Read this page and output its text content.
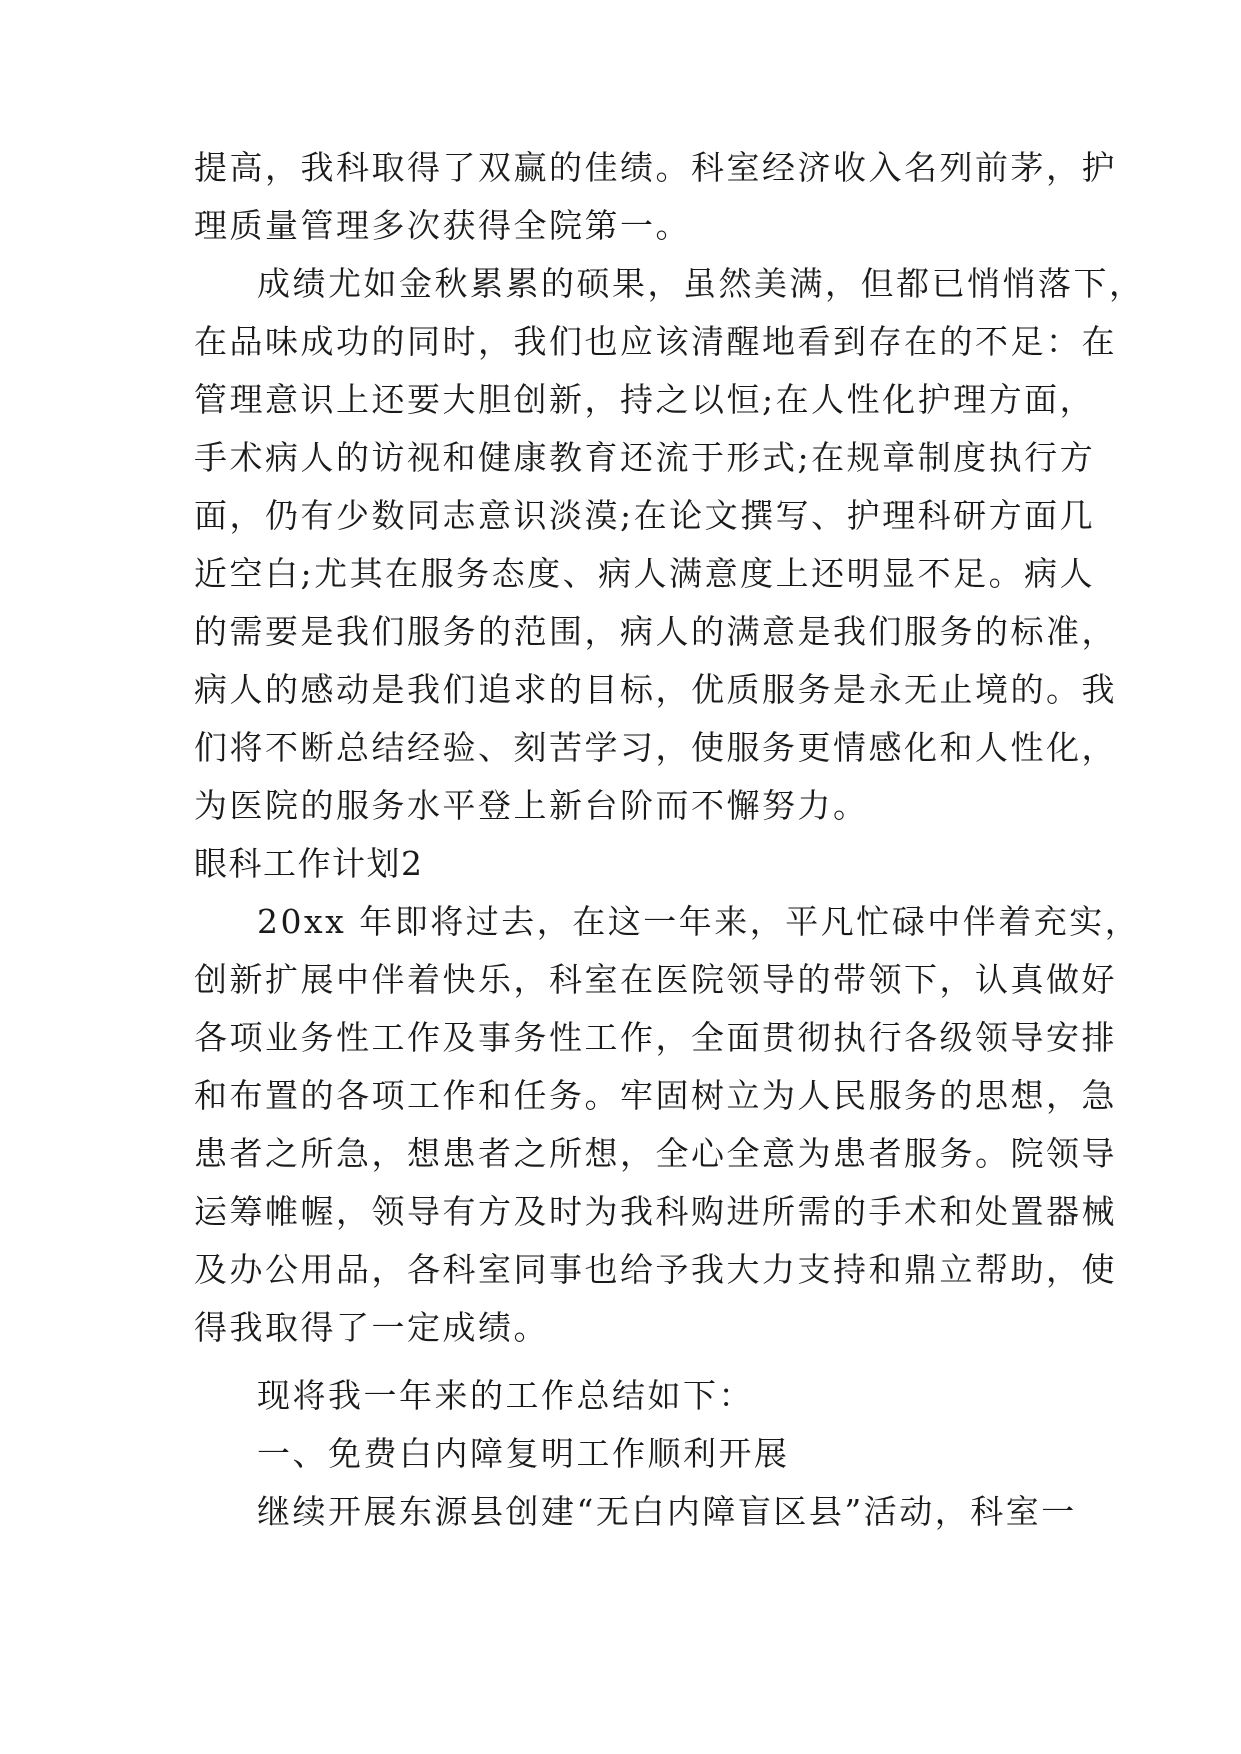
提高，我科取得了双赢的佳绩。科室经济收入名列前茅，护
理质量管理多次获得全院第一。
成绩尤如金秋累累的硕果，虽然美满，但都已悄悄落下，
在品味成功的同时，我们也应该清醒地看到存在的不足：在
管理意识上还要大胆创新，持之以恒;在人性化护理方面，
手术病人的访视和健康教育还流于形式;在规章制度执行方
面，仍有少数同志意识淡漠;在论文撰写、护理科研方面几
近空白;尤其在服务态度、病人满意度上还明显不足。病人
的需要是我们服务的范围，病人的满意是我们服务的标准，
病人的感动是我们追求的目标，优质服务是永无止境的。我
们将不断总结经验、刻苦学习，使服务更情感化和人性化，
为医院的服务水平登上新台阶而不懈努力。
眼科工作计划2
20xx 年即将过去，在这一年来，平凡忙碌中伴着充实，
创新扩展中伴着快乐，科室在医院领导的带领下，认真做好
各项业务性工作及事务性工作，全面贯彻执行各级领导安排
和布置的各项工作和任务。牢固树立为人民服务的思想，急
患者之所急，想患者之所想，全心全意为患者服务。院领导
运筹帷幄，领导有方及时为我科购进所需的手术和处置器械
及办公用品，各科室同事也给予我大力支持和鼎立帮助，使
得我取得了一定成绩。
现将我一年来的工作总结如下：
一、免费白内障复明工作顺利开展
继续开展东源县创建“无白内障盲区县”活动，科室一
